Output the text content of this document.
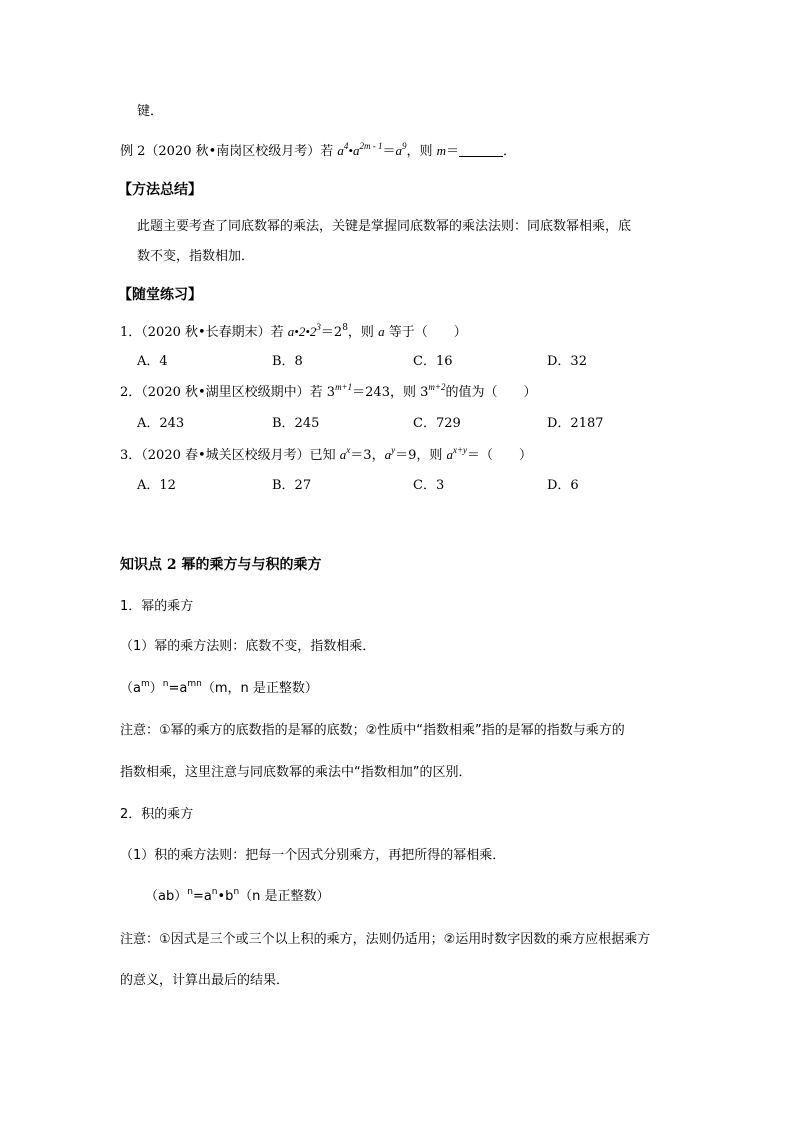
键．
例 2（2020 秋•南岗区校级月考）若 $a^4•a^{2m - 1}=a^9$，则 m＝	．
【方法总结】
此题主要考查了同底数幂的乘法，关键是掌握同底数幂的乘法法则：同底数幂相乘，底
数不变，指数相加．
【随堂练习】
1．（2020 秋•长春期末）若 $a•2•2^3=2^8$，则 a 等于（　　）
A．4	B．8	C．16	D．32
2．（2020 秋•湖里区校级期中）若 $3^{m+1}=243$，则 $3^{m+2}$的值为（　　）
A．243	B．245	C．729	D．2187
3．（2020 春•城关区校级月考）已知 $a^x=3$，$a^y=9$，则 $a^{x+y}=$（　　）
A．12	B．27	C．3	D．6
知识点 2 幂的乘方与与积的乘方
1．幂的乘方
（1）幂的乘方法则：底数不变，指数相乘．
$(a^m)^n=a^{mn}(m$，n 是正整数）
注意：①幂的乘方的底数指的是幂的底数；②性质中“指数相乘”指的是幂的指数与乘方的
指数相乘，这里注意与同底数幂的乘法中“指数相加”的区别．
2．积的乘方
（1）积的乘方法则：把每一个因式分别乘方，再把所得的幂相乘．
$(ab)^n=a^n•b^n(n$ 是正整数）
注意：①因式是三个或三个以上积的乘方，法则仍适用；②运用时数字因数的乘方应根据乘方
的意义，计算出最后的结果．
